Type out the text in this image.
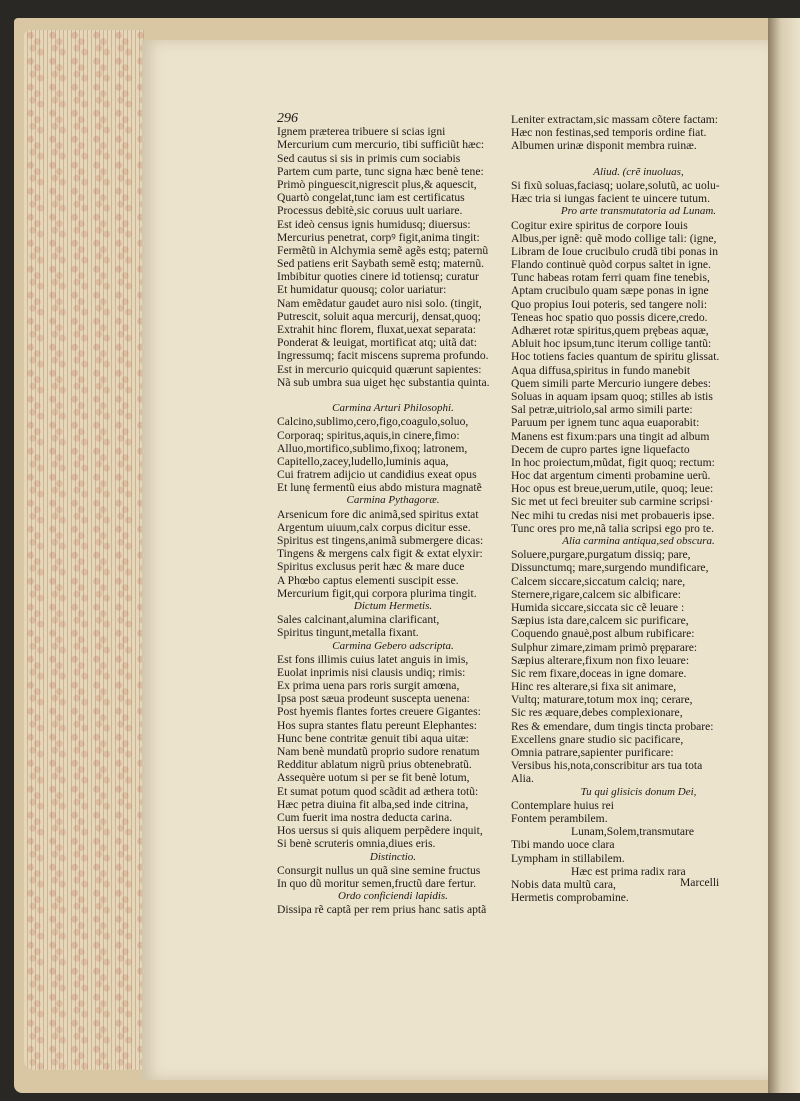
296
Ignem prӕterea tribuere si scias igni
Mercurium cum mercurio, tibi sufficiũt hӕc:
Sed cautus si sis in primis cum sociabis
Partem cum parte, tunc signa hӕc benè tene:
Primò pinguescit,nigrescit plus,& aquescit,
Quartò congelat,tunc iam est certificatus
Processus debitè,sic coruus uult uariare.
Est ideò census ignis humidusq; diuersus:
Mercurius penetrat, corpꝰ figit,anima tingit:
Fermẽtũ in Alchymia semẽ agẽs estq; paternũ
Sed patiens erit Saybath semẽ estq; maternũ.
Imbibitur quoties cinere id totiensq; curatur
Et humidatur quousq; color uariatur:
Nam emẽdatur gaudet auro nisi solo. (tingit,
Putrescit, soluit aqua mercurij, densat,quoq;
Extrahit hinc florem, fluxat,uexat separata:
Ponderat & leuigat, mortificat atq; uitã dat:
Ingressumq; facit miscens suprema profundo.
Est in mercurio quicquid quærunt sapientes:
Nã sub umbra sua uiget hęc substantia quinta.
Carmina Arturi Philosophi.
Calcino,sublimo,cero,figo,coagulo,soluo,
Corporaq; spiritus,aquis,in cinere,fimo:
Alluo,mortifico,sublimo,fixoq; latronem,
Capitello,zacey,ludello,luminis aqua,
Cui fratrem adijcio ut candidius exeat opus
Et lunę fermentũ eius abdo mistura magnatẽ
Carmina Pythagoræ.
Arsenicum fore dic animã,sed spiritus extat
Argentum uiuum,calx corpus dicitur esse.
Spiritus est tingens,animã submergere dicas:
Tingens & mergens calx figit & extat elyxir:
Spiritus exclusus perit hæc & mare duce
A Phœbo captus elementi suscipit esse.
Mercurium figit,qui corpora plurima tingit.
Dictum Hermetis.
Sales calcinant,alumina clarificant,
Spiritus tingunt,metalla fixant.
Carmina Gebero adscripta.
Est fons illimis cuius latet anguis in imis,
Euolat inprimis nisi clausis undiq; rimis:
Ex prima uena pars roris surgit amœna,
Ipsa post sæua prodeunt suscepta uenena:
Post hyemis flantes fortes creuere Gigantes:
Hos supra stantes flatu pereunt Elephantes:
Hunc bene contritæ genuit tibi aqua uitæ:
Nam benè mundatũ proprio sudore renatum
Redditur ablatum nigrũ prius obtenebratũ.
Assequère uotum si per se fit benè lotum,
Et sumat potum quod scãdit ad æthera totũ:
Hæc petra diuina fit alba,sed inde citrina,
Cum fuerit ima nostra deducta carina.
Hos uersus si quis aliquem perpẽdere inquit,
Si benè scruteris omnia,diues eris.
Distinctio.
Consurgit nullus un quã sine semine fructus
In quo dũ moritur semen,fructũ dare fertur.
Ordo conficiendi lapidis.
Dissipa rẽ captã per rem prius hanc satis aptã
Leniter extractam,sic massam cõtere factam:
Hæc non festinas,sed temporis ordine fiat.
Albumen urinæ disponit membra ruinæ.
Aliud. (crẽ inuoluas,
Si fixũ soluas,faciasq; uolare,solutũ, ac uolu-
Hæc tria si iungas facient te uincere tutum.
Pro arte transmutatoria ad Lunam.
Cogitur exire spiritus de corpore Iouis
Albus,per ignẽ: quẽ modo collige tali: (igne,
Libram de Ioue crucibulo crudã tibi ponas in
Flando continuè quòd corpus saltet in igne.
Tunc habeas rotam ferri quam fine tenebis,
Aptam crucibulo quam sæpe ponas in igne
Quo propius Ioui poteris, sed tangere noli:
Teneas hoc spatio quo possis dicere,credo.
Adhæret rotæ spiritus,quem prębeas aquæ,
Abluit hoc ipsum,tunc iterum collige tantũ:
Hoc totiens facies quantum de spiritu glissat.
Aqua diffusa,spiritus in fundo manebit
Quem simili parte Mercurio iungere debes:
Soluas in aquam ipsam quoq; stilles ab istis
Sal petræ,uitriolo,sal armo simili parte:
Paruum per ignem tunc aqua euaporabit:
Manens est fixum:pars una tingit ad album
Decem de cupro partes igne liquefacto
In hoc proiectum,mũdat, figit quoq; rectum:
Hoc dat argentum cimenti probamine uerũ.
Hoc opus est breue,uerum,utile, quoq; leue:
Sic met ut feci breuiter sub carmine scripsi·
Nec mihi tu credas nisi met probaueris ipse.
Tunc ores pro me,nã talia scripsi ego pro te.
Alia carmina antiqua,sed obscura.
Soluere,purgare,purgatum dissiq; pare,
Dissunctumq; mare,surgendo mundificare,
Calcem siccare,siccatum calciq; nare,
Sternere,rigare,calcem sic albificare:
Humida siccare,siccata sic cẽ leuare :
Sæpius ista dare,calcem sic purificare,
Coquendo gnauè,post album rubificare:
Sulphur zimare,zimam primò pręparare:
Sæpius alterare,fixum non fixo leuare:
Sic rem fixare,doceas in igne domare.
Hinc res alterare,si fixa sit animare,
Vultq; maturare,totum mox inq; cerare,
Sic res æquare,debes complexionare,
Res & emendare, dum tingis tincta probare:
Excellens gnare studio sic pacificare,
Omnia patrare,sapienter purificare:
Versibus his,nota,conscribitur ars tua tota
Alia.
Tu qui glisicis donum Dei,
Contemplare huius rei
Fontem perambilem.
Lunam,Solem,transmutare
Tibi mando uoce clara
Lympham in stillabilem.
Hæc est prima radix rara
Nobis data multũ cara,
Hermetis comprobamine.
Marcelli
